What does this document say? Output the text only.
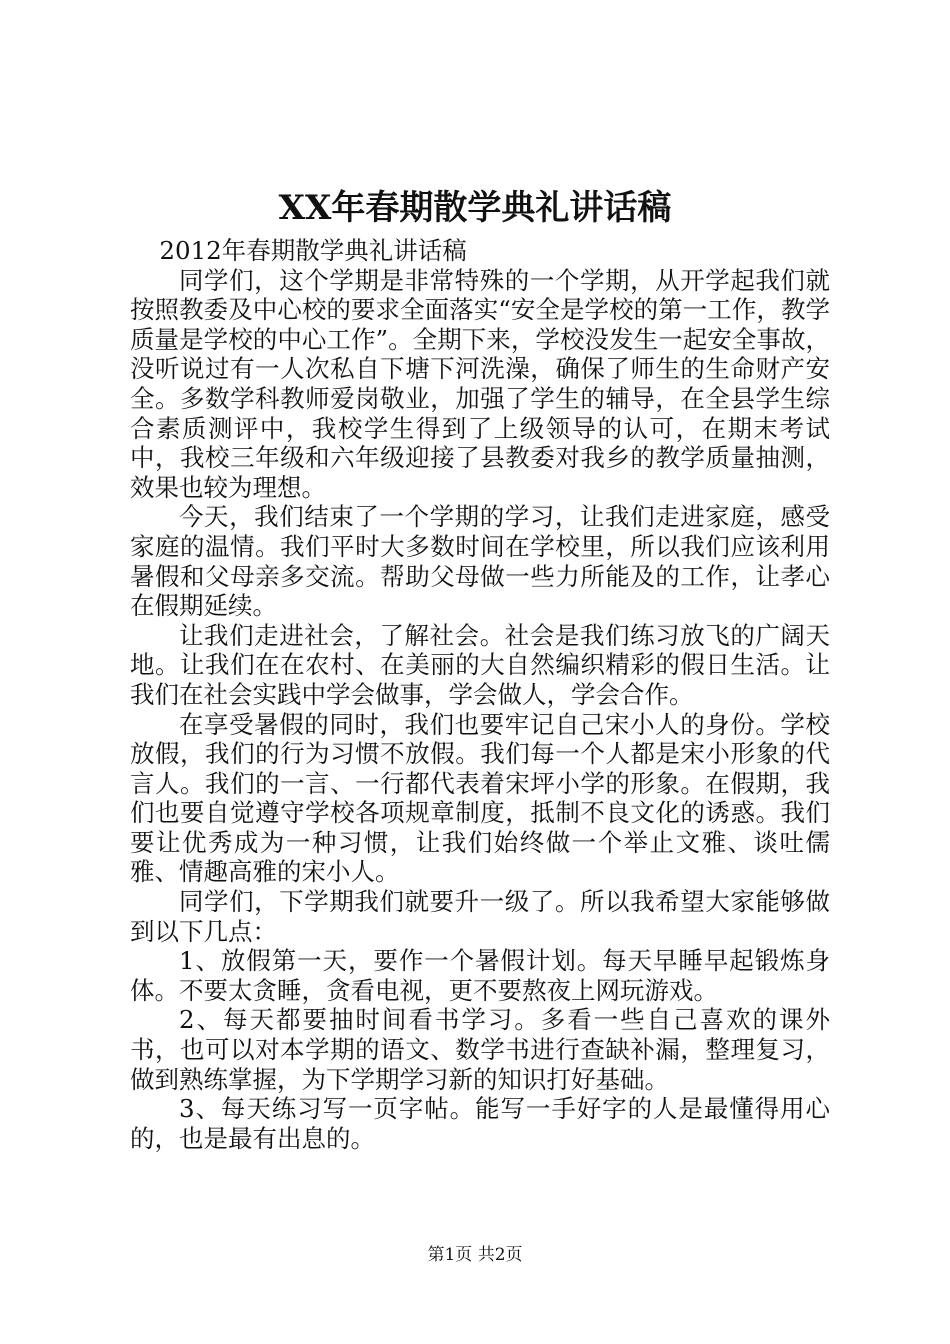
XX年春期散学典礼讲话稿

2012年春期散学典礼讲话稿

同学们，这个学期是非常特殊的一个学期，从开学起我们就按照教委及中心校的要求全面落实“安全是学校的第一工作，教学质量是学校的中心工作”。全期下来，学校没发生一起安全事故，没听说过有一人次私自下塘下河洗澡，确保了师生的生命财产安全。多数学科教师爱岗敬业，加强了学生的辅导，在全县学生综合素质测评中，我校学生得到了上级领导的认可，在期末考试中，我校三年级和六年级迎接了县教委对我乡的教学质量抽测，效果也较为理想。

今天，我们结束了一个学期的学习，让我们走进家庭，感受家庭的温情。我们平时大多数时间在学校里，所以我们应该利用暑假和父母亲多交流。帮助父母做一些力所能及的工作，让孝心在假期延续。

让我们走进社会，了解社会。社会是我们练习放飞的广阔天地。让我们在在农村、在美丽的大自然编织精彩的假日生活。让我们在社会实践中学会做事，学会做人，学会合作。

在享受暑假的同时，我们也要牢记自己宋小人的身份。学校放假，我们的行为习惯不放假。我们每一个人都是宋小形象的代言人。我们的一言、一行都代表着宋坪小学的形象。在假期，我们也要自觉遵守学校各项规章制度，抵制不良文化的诱惑。我们要让优秀成为一种习惯，让我们始终做一个举止文雅、谈吐儒雅、情趣高雅的宋小人。

同学们，下学期我们就要升一级了。所以我希望大家能够做到以下几点：

1、放假第一天，要作一个暑假计划。每天早睡早起锻炼身体。不要太贪睡，贪看电视，更不要熬夜上网玩游戏。

2、每天都要抽时间看书学习。多看一些自己喜欢的课外书，也可以对本学期的语文、数学书进行查缺补漏，整理复习，做到熟练掌握，为下学期学习新的知识打好基础。

3、每天练习写一页字帖。能写一手好字的人是最懂得用心的，也是最有出息的。

第1页 共2页
